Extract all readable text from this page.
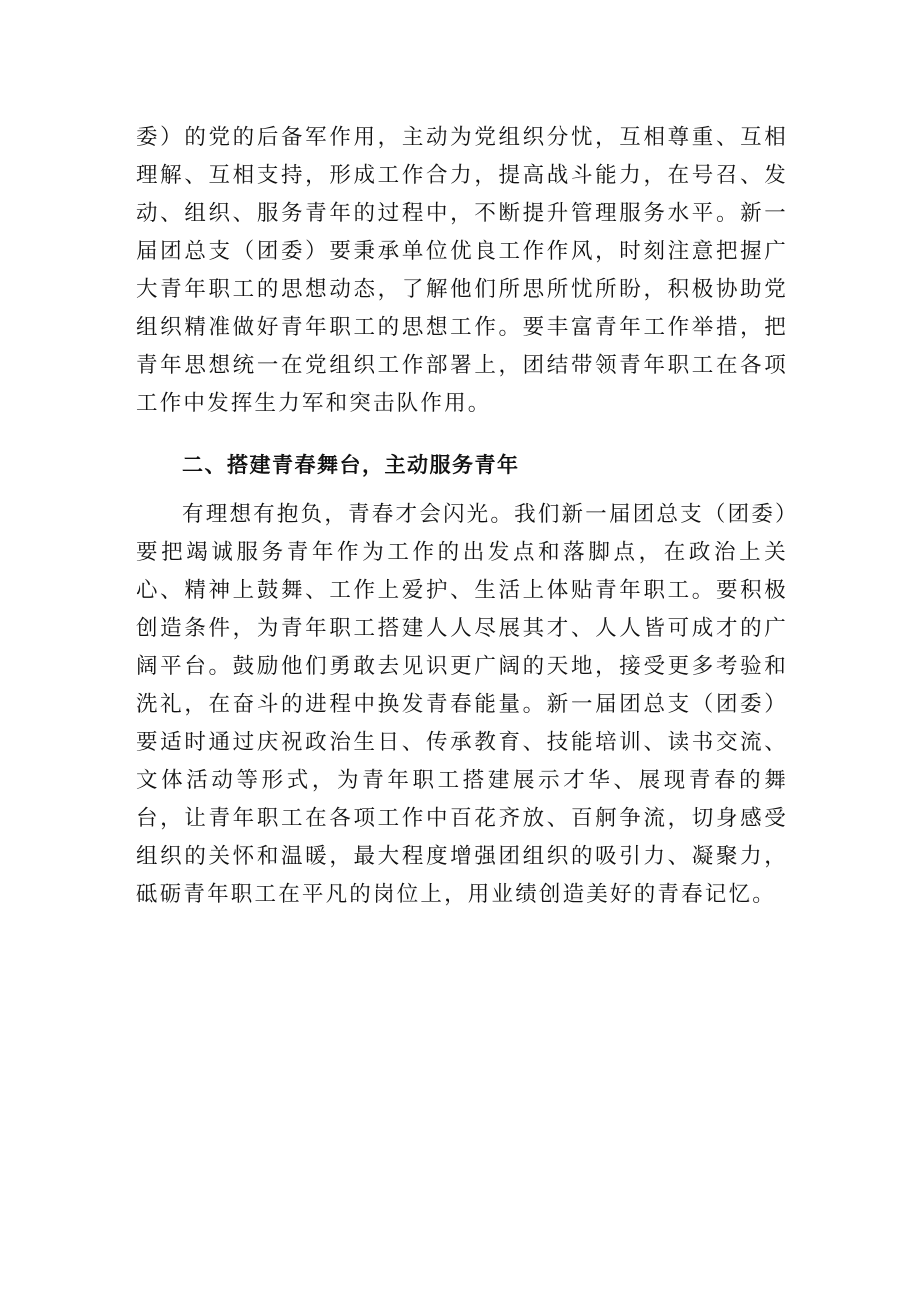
委）的党的后备军作用，主动为党组织分忧，互相尊重、互相理解、互相支持，形成工作合力，提高战斗能力，在号召、发动、组织、服务青年的过程中，不断提升管理服务水平。新一届团总支（团委）要秉承单位优良工作作风，时刻注意把握广大青年职工的思想动态，了解他们所思所忧所盼，积极协助党组织精准做好青年职工的思想工作。要丰富青年工作举措，把青年思想统一在党组织工作部署上，团结带领青年职工在各项工作中发挥生力军和突击队作用。

二、搭建青春舞台，主动服务青年

有理想有抱负，青春才会闪光。我们新一届团总支（团委）要把竭诚服务青年作为工作的出发点和落脚点，在政治上关心、精神上鼓舞、工作上爱护、生活上体贴青年职工。要积极创造条件，为青年职工搭建人人尽展其才、人人皆可成才的广阔平台。鼓励他们勇敢去见识更广阔的天地，接受更多考验和洗礼，在奋斗的进程中换发青春能量。新一届团总支（团委）要适时通过庆祝政治生日、传承教育、技能培训、读书交流、文体活动等形式，为青年职工搭建展示才华、展现青春的舞台，让青年职工在各项工作中百花齐放、百舸争流，切身感受组织的关怀和温暖，最大程度增强团组织的吸引力、凝聚力，砥砺青年职工在平凡的岗位上，用业绩创造美好的青春记忆。
